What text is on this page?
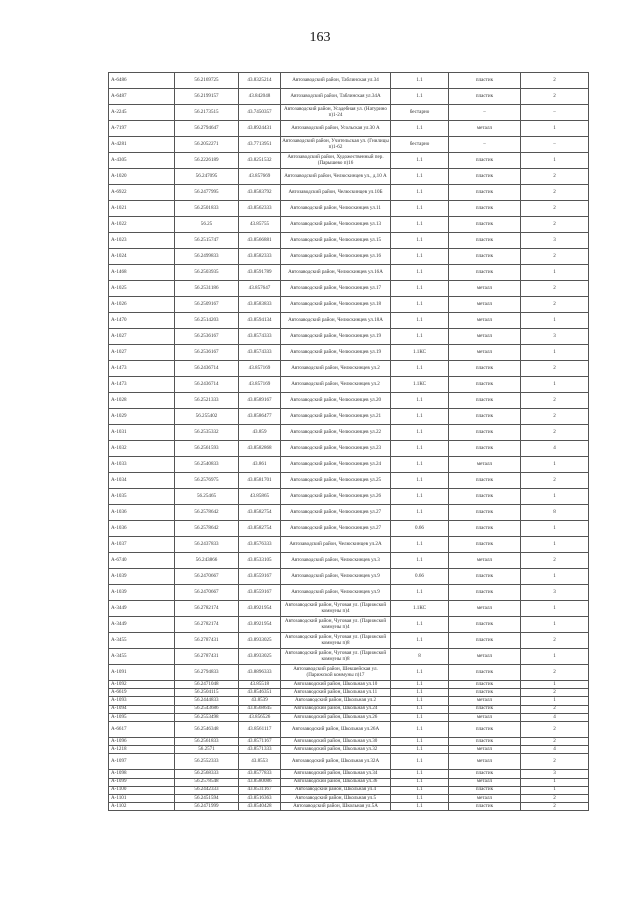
163
А-6486	56.2169725	43.8325214	Автозаводский район, Таблинская ул.34	1.1	пластик	2
А-6487	56.2199157	43.842048	Автозаводский район, Таблинская ул.34А	1.1	пластик	2
А-2245	56.2173515	43.7450357	Автозаводский район, Усадебная ул. (Натурино п)1-24	бестарно	–	–
А-7197	56.2794647	43.8924431	Автозаводский район, Усольская ул.30 А	1.1	металл	1
А-4281	56.2052271	43.7713951	Автозаводский район, Учительская ул. (Гнилицы п)1-62	бестарно	–	–
А-4305	56.2226189	43.8251532	Автозаводский район, Художественный пер. (Парышево п)16	1.1	пластик	1
А-1020	56.247095	43.857669	Автозаводский район, Челюскинцев ул., д.10 А	1.1	пластик	2
А-6922	56.2477995	43.8583792	Автозаводский район, Челюскинцев ул.10Б	1.1	пластик	2
А-1021	56.2501833	43.8562333	Автозаводский район, Челюскинцев ул.11	1.1	пластик	2
А-1022	56.25	43.85755	Автозаводский район, Челюскинцев ул.13	1.1	пластик	2
А-1023	56.2515747	43.8566881	Автозаводский район, Челюскинцев ул.15	1.1	пластик	3
А-1024	56.2499833	43.8582333	Автозаводский район, Челюскинцев ул.16	1.1	пластик	2
А-1468	56.2503935	43.8591789	Автозаводский район, Челюскинцев ул.16А	1.1	пластик	1
А-1025	56.2531186	43.857647	Автозаводский район, Челюскинцев ул.17	1.1	металл	2
А-1026	56.2509167	43.8583833	Автозаводский район, Челюскинцев ул.18	1.1	металл	2
А-1470	56.2514203	43.8594134	Автозаводский район, Челюскинцев ул.18А	1.1	металл	1
А-1027	56.2536167	43.8574333	Автозаводский район, Челюскинцев ул.19	1.1	металл	3
А-1027	56.2536167	43.8574333	Автозаводский район, Челюскинцев ул.19	1.1КС	металл	1
А-1473	56.2436714	43.857169	Автозаводский район, Челюскинцев ул.2	1.1	пластик	2
А-1473	56.2436714	43.857169	Автозаводский район, Челюскинцев ул.2	1.1КС	пластик	1
А-1028	56.2521333	43.8589167	Автозаводский район, Челюскинцев ул.20	1.1	пластик	2
А-1029	56.255402	43.8586477	Автозаводский район, Челюскинцев ул.21	1.1	пластик	2
А-1031	56.2535332	43.859	Автозаводский район, Челюскинцев ул.22	1.1	пластик	2
А-1032	56.2561593	43.8582868	Автозаводский район, Челюскинцев ул.23	1.1	пластик	4
А-1033	56.2540833	43.861	Автозаводский район, Челюскинцев ул.24	1.1	металл	1
А-1034	56.2576975	43.8581701	Автозаводский район, Челюскинцев ул.25	1.1	пластик	2
А-1035	56.25465	43.85865	Автозаводский район, Челюскинцев ул.26	1.1	пластик	1
А-1036	56.2578642	43.8582754	Автозаводский район, Челюскинцев ул.27	1.1	пластик	8
А-1036	56.2578642	43.8582754	Автозаводский район, Челюскинцев ул.27	0.66	пластик	1
А-1037	56.2437833	43.8576333	Автозаводский район, Челюскинцев ул.2А	1.1	пластик	1
А-6740	56.243866	43.8533105	Автозаводский район, Челюскинцев ул.3	1.1	металл	2
А-1039	56.2470667	43.8559167	Автозаводский район, Челюскинцев ул.9	0.66	пластик	1
А-1039	56.2470667	43.8559167	Автозаводский район, Челюскинцев ул.9	1.1	пластик	3
А-3449	56.2782174	43.8921954	Автозаводский район, Чуговая ул. (Парижской коммуны п)4	1.1КС	металл	1
А-3449	56.2782174	43.8921954	Автозаводский район, Чуговая ул. (Парижской коммуны п)4	1.1	пластик	1
А-3455	56.2787431	43.8933025	Автозаводский район, Чуговая ул. (Парижской коммуны п)8	1.1	пластик	2
А-3455	56.2787431	43.8933025	Автозаводский район, Чуговая ул. (Парижской коммуны п)8	8	металл	1
А-1091	56.2794833	43.8896333	Автозаводский район, Шекшейская ул. (Парижской коммуны п)17	1.1	пластик	2
А-1092	56.2471048	43.85518	Автозаводский район, Школьная ул.10	1.1	пластик	1
А-6619	56.2504115	43.8546351	Автозаводский район, Школьная ул.11	1.1	пластик	2
А-1093	56.2444833	43.8539	Автозаводский район, Школьная ул.2	1.1	металл	1
А-1094	56.2543686	43.8568645	Автозаводский район, Школьная ул.24	1.1	пластик	2
А-1095	56.2553498	43.856526	Автозаводский район, Школьная ул.26	1.1	металл	4
А-6617	56.2546348	43.8561117	Автозаводский район, Школьная ул.26А	1.1	пластик	2
А-1096	56.2561833	43.8571167	Автозаводский район, Школьная ул.30	1.1	пластик	2
А-1218	56.2571	43.8571333	Автозаводский район, Школьная ул.32	1.1	металл	4
А-1097	56.2552333	43.8553	Автозаводский район, Школьная ул.32А	1.1	металл	2
А-1098	56.2568333	43.8577833	Автозаводский район, Школьная ул.34	1.1	пластик	3
А-1099	56.2578548	43.8580086	Автозаводский район, Школьная ул.36	1.1	металл	1
А-1100	56.2442333	43.8531167	Автозаводский район, Школьная ул.4	1.1	пластик	1
А-1101	56.2451594	43.8516363	Автозаводский район, Школьная ул.5	1.1	металл	2
А-1102	56.2471999	43.8540428	Автозаводский район, Школьная ул.5А	1.1	пластик	2
